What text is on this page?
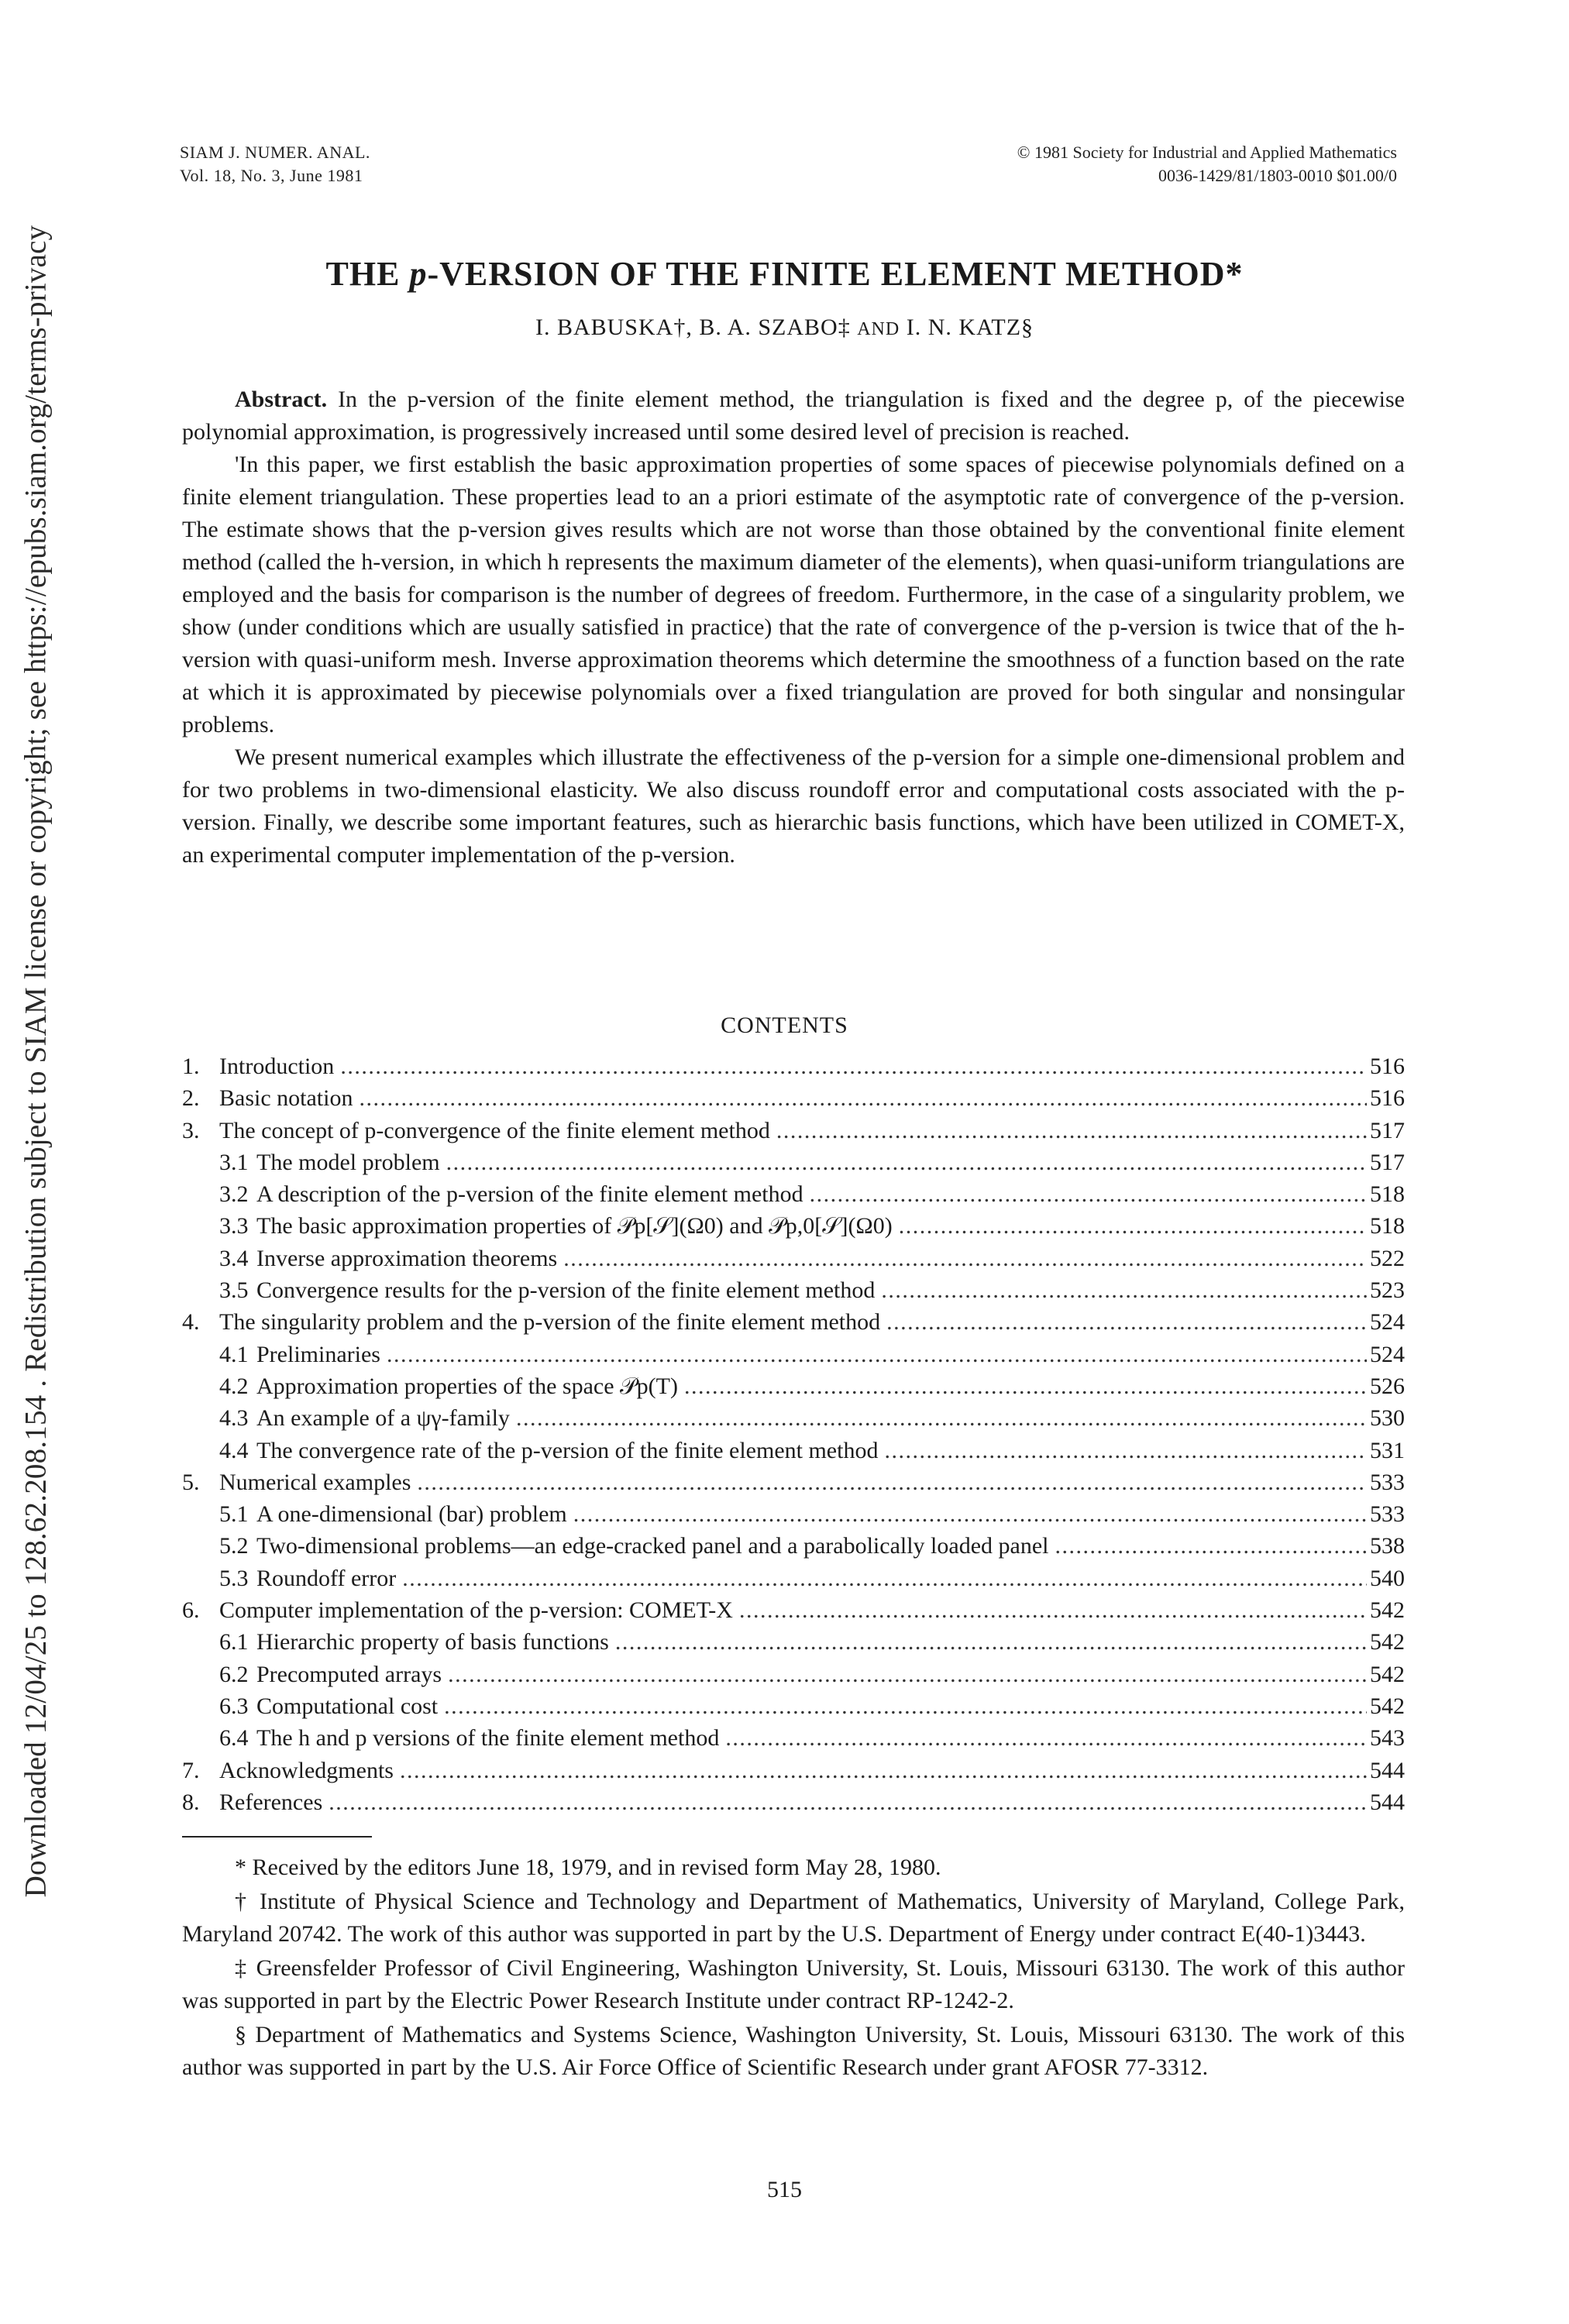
Downloaded 12/04/25 to 128.62.208.154 . Redistribution subject to SIAM license or copyright; see https://epubs.siam.org/terms-privacy
SIAM J. NUMER. ANAL.
Vol. 18, No. 3, June 1981
© 1981 Society for Industrial and Applied Mathematics
0036-1429/81/1803-0010 $01.00/0
THE p-VERSION OF THE FINITE ELEMENT METHOD*
I. BABUSKA†, B. A. SZABO‡ AND I. N. KATZ§

Abstract. In the p-version of the finite element method, the triangulation is fixed and the degree p, of the piecewise polynomial approximation, is progressively increased until some desired level of precision is reached.

'In this paper, we first establish the basic approximation properties of some spaces of piecewise polynomials defined on a finite element triangulation. These properties lead to an a priori estimate of the asymptotic rate of convergence of the p-version. The estimate shows that the p-version gives results which are not worse than those obtained by the conventional finite element method (called the h-version, in which h represents the maximum diameter of the elements), when quasi-uniform triangulations are employed and the basis for comparison is the number of degrees of freedom. Furthermore, in the case of a singularity problem, we show (under conditions which are usually satisfied in practice) that the rate of convergence of the p-version is twice that of the h-version with quasi-uniform mesh. Inverse approximation theorems which determine the smoothness of a function based on the rate at which it is approximated by piecewise polynomials over a fixed triangulation are proved for both singular and nonsingular problems.

We present numerical examples which illustrate the effectiveness of the p-version for a simple one-dimensional problem and for two problems in two-dimensional elasticity. We also discuss roundoff error and computational costs associated with the p-version. Finally, we describe some important features, such as hierarchic basis functions, which have been utilized in COMET-X, an experimental computer implementation of the p-version.

CONTENTS
1. Introduction . . .	516
2. Basic notation . . .	516
3. The concept of p-convergence of the finite element method . . .	517
3.1 The model problem . . .	517
3.2 A description of the p-version of the finite element method . . .	518
3.3 The basic approximation properties of 𝒫p[𝒮](Ω0) and 𝒫p,0[𝒮](Ω0) . . .	518
3.4 Inverse approximation theorems . . .	522
3.5 Convergence results for the p-version of the finite element method . . .	523
4. The singularity problem and the p-version of the finite element method . . .	524
4.1 Preliminaries . . .	524
4.2 Approximation properties of the space 𝒫p(T) . . .	526
4.3 An example of a ψγ-family . . .	530
4.4 The convergence rate of the p-version of the finite element method . . .	531
5. Numerical examples . . .	533
5.1 A one-dimensional (bar) problem . . .	533
5.2 Two-dimensional problems—an edge-cracked panel and a parabolically loaded panel . . .	538
5.3 Roundoff error . . .	540
6. Computer implementation of the p-version: COMET-X . . .	542
6.1 Hierarchic property of basis functions . . .	542
6.2 Precomputed arrays . . .	542
6.3 Computational cost . . .	542
6.4 The h and p versions of the finite element method . . .	543
7. Acknowledgments . . .	544
8. References . . .	544

* Received by the editors June 18, 1979, and in revised form May 28, 1980.

† Institute of Physical Science and Technology and Department of Mathematics, University of Maryland, College Park, Maryland 20742. The work of this author was supported in part by the U.S. Department of Energy under contract E(40-1)3443.

‡ Greensfelder Professor of Civil Engineering, Washington University, St. Louis, Missouri 63130. The work of this author was supported in part by the Electric Power Research Institute under contract RP-1242-2.

§ Department of Mathematics and Systems Science, Washington University, St. Louis, Missouri 63130. The work of this author was supported in part by the U.S. Air Force Office of Scientific Research under grant AFOSR 77-3312.

515
